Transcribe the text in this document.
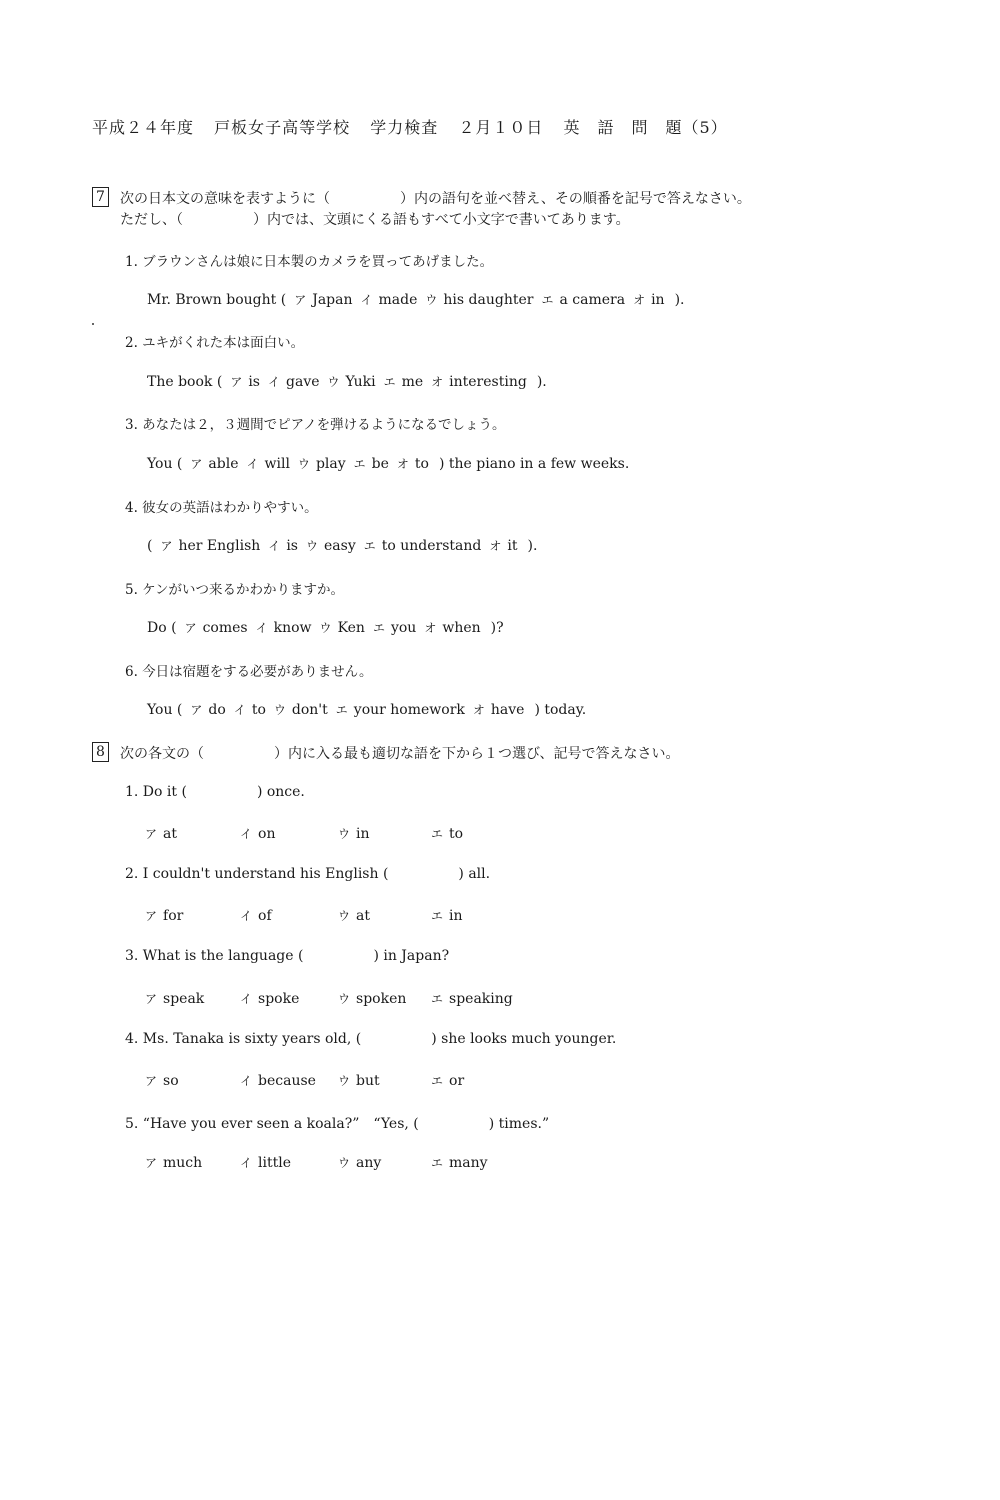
平成２４年度 戸板女子高等学校 学力検査 ２月１０日 英　語　問　題（5）
7 次の日本文の意味を表すように（　　　　　）内の語句を並べ替え、その順番を記号で答えなさい。
ただし、（　　　　　）内では、文頭にくる語もすべて小文字で書いてあります。
1. ブラウンさんは娘に日本製のカメラを買ってあげました。
Mr. Brown bought ( ア Japan イ made ウ his daughter エ a camera オ in ).
2. ユキがくれた本は面白い。
The book ( ア is イ gave ウ Yuki エ me オ interesting ).
3. あなたは２，３週間でピアノを弾けるようになるでしょう。
You ( ア able イ will ウ play エ be オ to ) the piano in a few weeks.
4. 彼女の英語はわかりやすい。
( ア her English イ is ウ easy エ to understand オ it ).
5. ケンがいつ来るかわかりますか。
Do ( ア comes イ know ウ Ken エ you オ when )?
6. 今日は宿題をする必要がありません。
You ( ア do イ to ウ don't エ your homework オ have ) today.
8 次の各文の（　　　　　）内に入る最も適切な語を下から１つ選び、記号で答えなさい。
1. Do it (	) once.
ア at	イ on	ウ in	エ to
2. I couldn't understand his English (	) all.
ア for	イ of	ウ at	エ in
3. What is the language (	) in Japan?
ア speak	イ spoke	ウ spoken エ speaking
4. Ms. Tanaka is sixty years old, (	) she looks much younger.
ア so	イ because ウ but	エ or
5. “Have you ever seen a koala?”　“Yes, (	) times.”
ア much	イ little	ウ any	エ many
